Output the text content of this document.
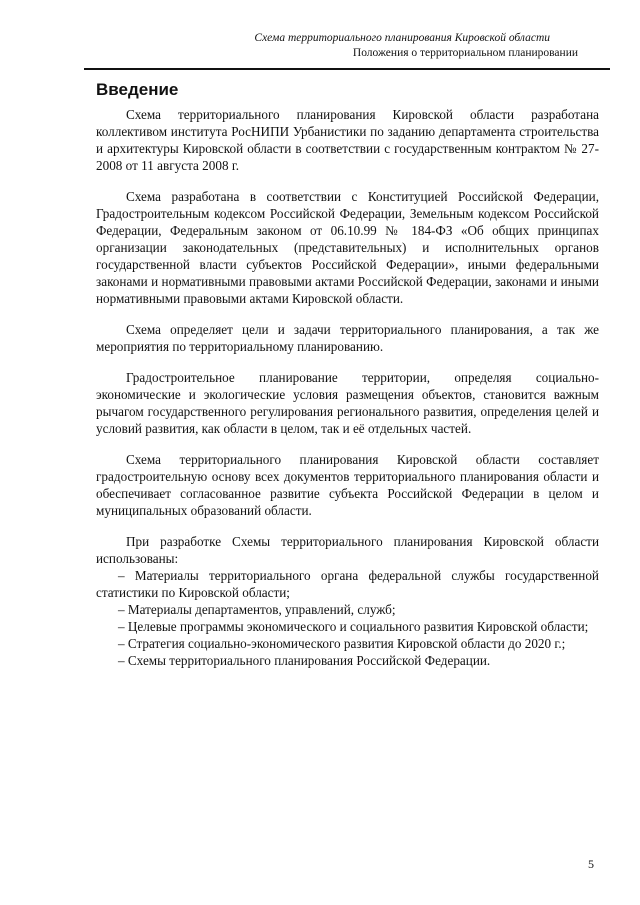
Схема территориального планирования Кировской области
Положения о территориальном планировании
Введение

Схема территориального планирования Кировской области разработана коллективом института РосНИПИ Урбанистики по заданию департамента строительства и архитектуры Кировской области в соответствии с государственным контрактом № 27-2008 от 11 августа 2008 г.

Схема разработана в соответствии с Конституцией Российской Федерации, Градостроительным кодексом Российской Федерации, Земельным кодексом Российской Федерации, Федеральным законом от 06.10.99 № 184-ФЗ «Об общих принципах организации законодательных (представительных) и исполнительных органов государственной власти субъектов Российской Федерации», иными федеральными законами и нормативными правовыми актами Российской Федерации, законами и иными нормативными правовыми актами Кировской области.

Схема определяет цели и задачи территориального планирования, а так же мероприятия по территориальному планированию.

Градостроительное планирование территории, определяя социально-экономические и экологические условия размещения объектов, становится важным рычагом государственного регулирования регионального развития, определения целей и условий развития, как области в целом, так и её отдельных частей.

Схема территориального планирования Кировской области составляет градостроительную основу всех документов территориального планирования области и обеспечивает согласованное развитие субъекта Российской Федерации в целом и муниципальных образований области.

При разработке Схемы территориального планирования Кировской области использованы:

– Материалы территориального органа федеральной службы государственной статистики по Кировской области;
– Материалы департаментов, управлений, служб;
– Целевые программы экономического и социального развития Кировской области;
– Стратегия социально-экономического развития Кировской области до 2020 г.;
– Схемы территориального планирования Российской Федерации.
5
